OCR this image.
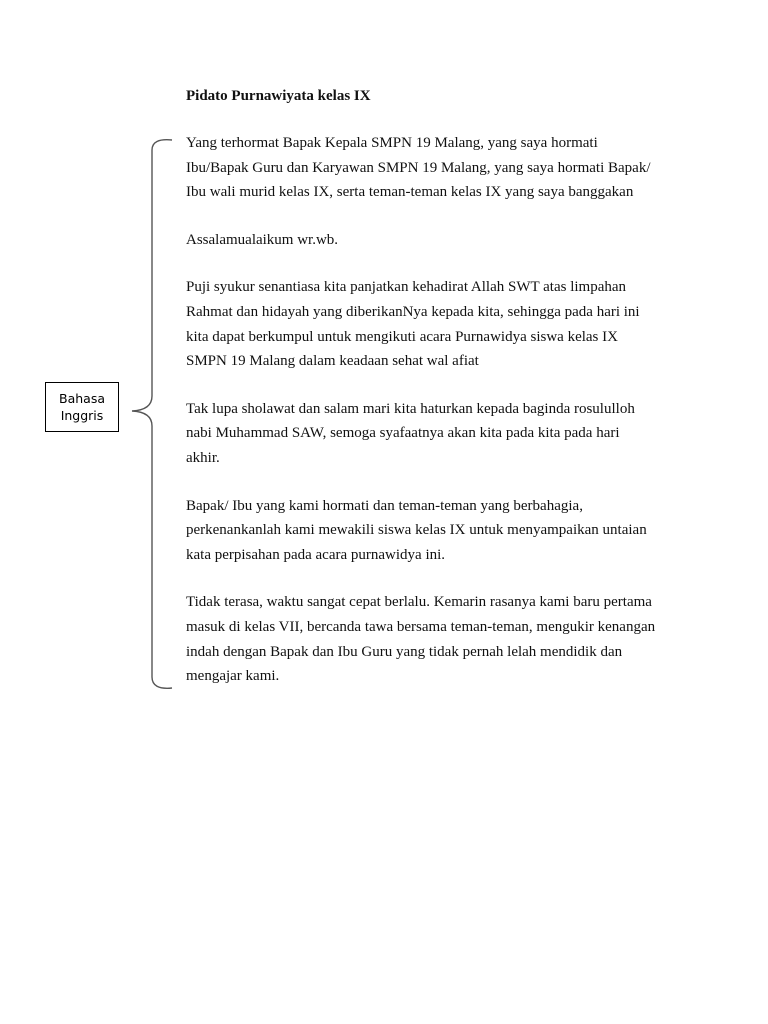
Pidato Purnawiyata kelas IX

Yang terhormat Bapak Kepala SMPN 19 Malang, yang saya hormati
Ibu/Bapak Guru dan Karyawan SMPN 19 Malang, yang saya hormati Bapak/
Ibu wali murid kelas IX, serta teman-teman kelas IX yang saya banggakan

Assalamualaikum wr.wb.

Puji syukur senantiasa kita panjatkan kehadirat Allah SWT atas limpahan
Rahmat dan hidayah yang diberikanNya kepada kita, sehingga pada hari ini
kita dapat berkumpul untuk mengikuti acara Purnawidya siswa kelas IX
SMPN 19 Malang dalam keadaan sehat wal afiat

Tak lupa sholawat dan salam mari kita haturkan kepada baginda rosululloh
nabi Muhammad SAW, semoga syafaatnya akan kita pada kita pada hari
akhir.

Bapak/ Ibu yang kami hormati dan teman-teman yang berbahagia,
perkenankanlah kami mewakili siswa kelas IX untuk menyampaikan untaian
kata perpisahan pada acara purnawidya ini.

Tidak terasa, waktu sangat cepat berlalu. Kemarin rasanya kami baru pertama
masuk di kelas VII, bercanda tawa bersama teman-teman, mengukir kenangan
indah dengan Bapak dan Ibu Guru yang tidak pernah lelah mendidik dan
mengajar kami.

Bahasa
Inggris
